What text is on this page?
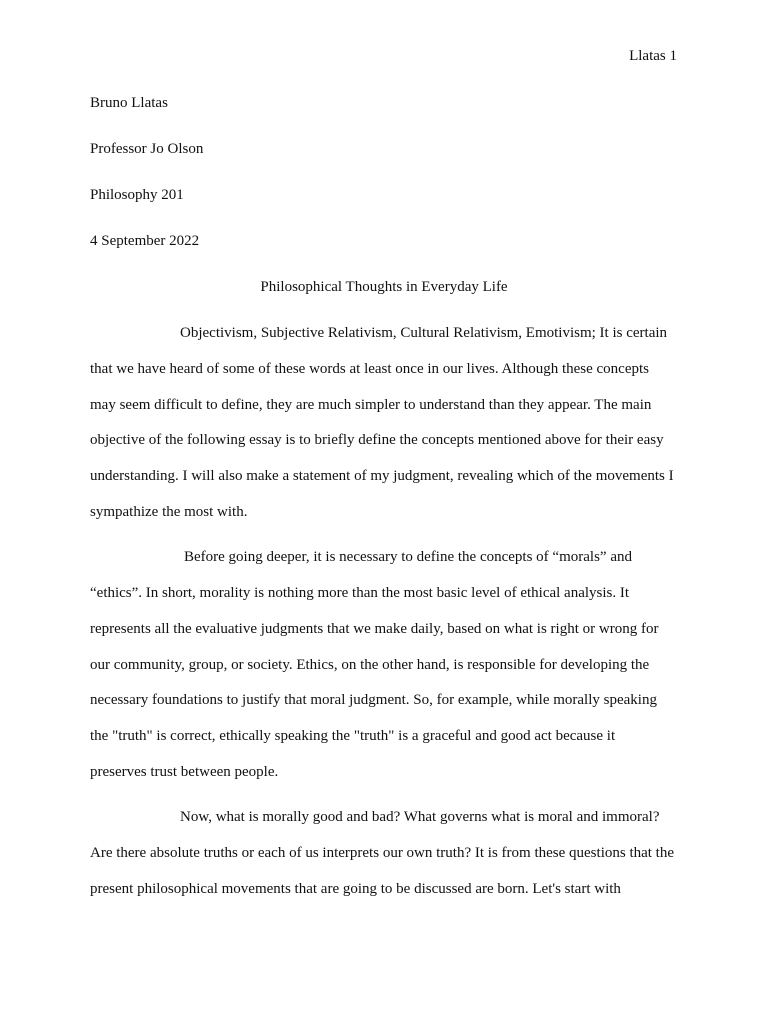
Llatas 1
Bruno Llatas
Professor Jo Olson
Philosophy 201
4 September 2022
Philosophical Thoughts in Everyday Life
Objectivism, Subjective Relativism, Cultural Relativism, Emotivism; It is certain
that we have heard of some of these words at least once in our lives. Although these concepts
may seem difficult to define, they are much simpler to understand than they appear. The main
objective of the following essay is to briefly define the concepts mentioned above for their easy
understanding. I will also make a statement of my judgment, revealing which of the movements I
sympathize the most with.
Before going deeper, it is necessary to define the concepts of “morals” and
“ethics”. In short, morality is nothing more than the most basic level of ethical analysis. It
represents all the evaluative judgments that we make daily, based on what is right or wrong for
our community, group, or society. Ethics, on the other hand, is responsible for developing the
necessary foundations to justify that moral judgment. So, for example, while morally speaking
the "truth" is correct, ethically speaking the "truth" is a graceful and good act because it
preserves trust between people.
Now, what is morally good and bad? What governs what is moral and immoral?
Are there absolute truths or each of us interprets our own truth? It is from these questions that the
present philosophical movements that are going to be discussed are born. Let's start with
